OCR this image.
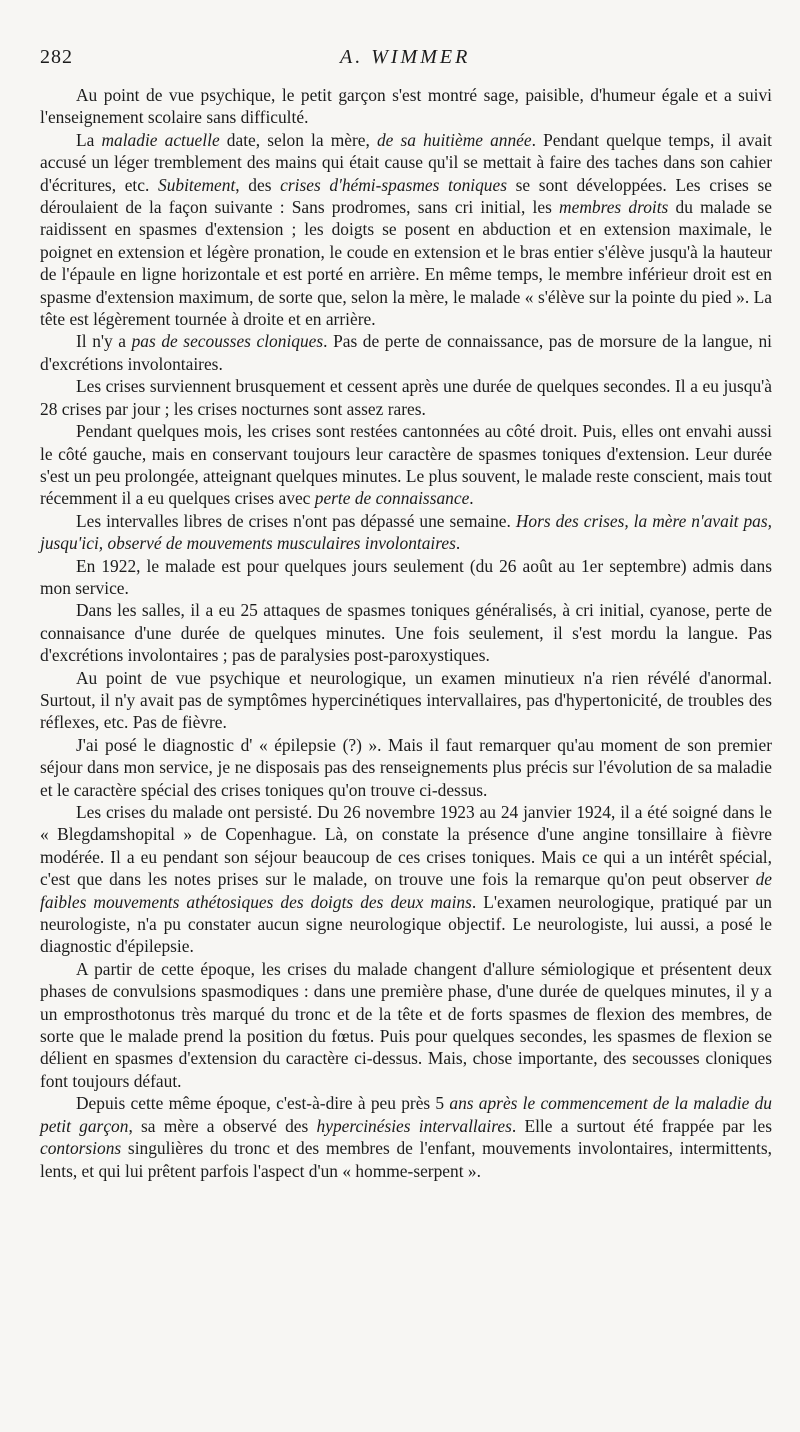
282	A. WIMMER

Au point de vue psychique, le petit garçon s'est montré sage, paisible, d'humeur égale et a suivi l'enseignement scolaire sans difficulté.

La maladie actuelle date, selon la mère, de sa huitième année. Pendant quelque temps, il avait accusé un léger tremblement des mains qui était cause qu'il se mettait à faire des taches dans son cahier d'écritures, etc. Subitement, des crises d'hémi-spasmes toniques se sont développées. Les crises se déroulaient de la façon suivante : Sans prodromes, sans cri initial, les membres droits du malade se raidissent en spasmes d'extension ; les doigts se posent en abduction et en extension maximale, le poignet en extension et légère pronation, le coude en extension et le bras entier s'élève jusqu'à la hauteur de l'épaule en ligne horizontale et est porté en arrière. En même temps, le membre inférieur droit est en spasme d'extension maximum, de sorte que, selon la mère, le malade « s'élève sur la pointe du pied ». La tête est légèrement tournée à droite et en arrière.

Il n'y a pas de secousses cloniques. Pas de perte de connaissance, pas de morsure de la langue, ni d'excrétions involontaires.

Les crises surviennent brusquement et cessent après une durée de quelques secondes. Il a eu jusqu'à 28 crises par jour ; les crises nocturnes sont assez rares.

Pendant quelques mois, les crises sont restées cantonnées au côté droit. Puis, elles ont envahi aussi le côté gauche, mais en conservant toujours leur caractère de spasmes toniques d'extension. Leur durée s'est un peu prolongée, atteignant quelques minutes. Le plus souvent, le malade reste conscient, mais tout récemment il a eu quelques crises avec perte de connaissance.

Les intervalles libres de crises n'ont pas dépassé une semaine. Hors des crises, la mère n'avait pas, jusqu'ici, observé de mouvements musculaires involontaires.

En 1922, le malade est pour quelques jours seulement (du 26 août au 1er septembre) admis dans mon service.

Dans les salles, il a eu 25 attaques de spasmes toniques généralisés, à cri initial, cyanose, perte de connaisance d'une durée de quelques minutes. Une fois seulement, il s'est mordu la langue. Pas d'excrétions involontaires ; pas de paralysies post-paroxystiques.

Au point de vue psychique et neurologique, un examen minutieux n'a rien révélé d'anormal. Surtout, il n'y avait pas de symptômes hypercinétiques intervallaires, pas d'hypertonicité, de troubles des réflexes, etc. Pas de fièvre.

J'ai posé le diagnostic d' « épilepsie (?) ». Mais il faut remarquer qu'au moment de son premier séjour dans mon service, je ne disposais pas des renseignements plus précis sur l'évolution de sa maladie et le caractère spécial des crises toniques qu'on trouve ci-dessus.

Les crises du malade ont persisté. Du 26 novembre 1923 au 24 janvier 1924, il a été soigné dans le « Blegdamshopital » de Copenhague. Là, on constate la présence d'une angine tonsillaire à fièvre modérée. Il a eu pendant son séjour beaucoup de ces crises toniques. Mais ce qui a un intérêt spécial, c'est que dans les notes prises sur le malade, on trouve une fois la remarque qu'on peut observer de faibles mouvements athétosiques des doigts des deux mains. L'examen neurologique, pratiqué par un neurologiste, n'a pu constater aucun signe neurologique objectif. Le neurologiste, lui aussi, a posé le diagnostic d'épilepsie.

A partir de cette époque, les crises du malade changent d'allure sémiologique et présentent deux phases de convulsions spasmodiques : dans une première phase, d'une durée de quelques minutes, il y a un emprosthotonus très marqué du tronc et de la tête et de forts spasmes de flexion des membres, de sorte que le malade prend la position du fœtus. Puis pour quelques secondes, les spasmes de flexion se délient en spasmes d'extension du caractère ci-dessus. Mais, chose importante, des secousses cloniques font toujours défaut.

Depuis cette même époque, c'est-à-dire à peu près 5 ans après le commencement de la maladie du petit garçon, sa mère a observé des hypercinésies intervallaires. Elle a surtout été frappée par les contorsions singulières du tronc et des membres de l'enfant, mouvements involontaires, intermittents, lents, et qui lui prêtent parfois l'aspect d'un « homme-serpent ».
